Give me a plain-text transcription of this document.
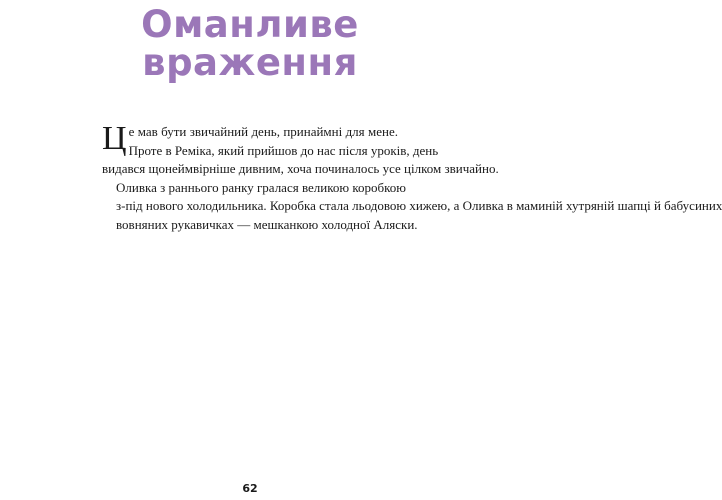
Оманливе
враження

Ц е мав бути звичайний день, принаймні для мене.
Проте в Реміка, який прийшов до нас після уроків, день
видався щонеймвірніше дивним, хоча починалось усе цілком звичайно.

Оливка з раннього ранку гралася великою коробкою
з-під нового холодильника. Коробка стала льодовою хижею, а Оливка в маминій хутряній шапці й бабусиних
вовняних рукавичках — мешканкою холодної Аляски.

62
